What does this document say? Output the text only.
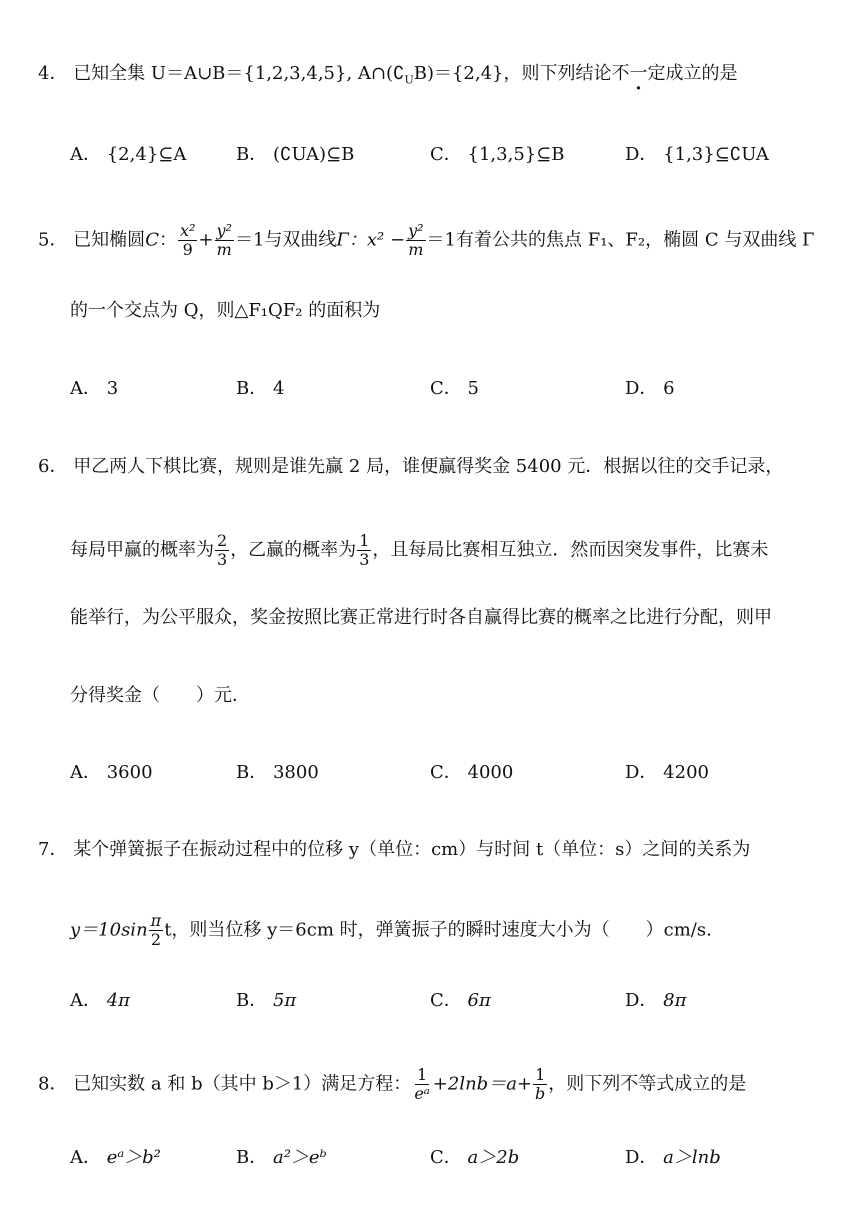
4． 已知全集 U＝A∪B＝{1,2,3,4,5}, $A\cap(∁_UB)=\{2,4\}$，则下列结论不一定成立的是
A． {2,4}⊆A	B． (∁UA)⊆B	C． {1,3,5}⊆B	D． {1,3}⊆∁UA
5． 已知椭圆C： $\frac{\text{x²}}{9} + \frac{\text{y²}}{m} =1$与双曲线Γ：$x^2 - \frac{\text{y²}}{m} =1$有着公共的焦点 F₁、F₂，椭圆 C 与双曲线 Γ
的一个交点为 Q，则△F₁QF₂ 的面积为
A． 3	B． 4	C． 5	D． 6
6． 甲乙两人下棋比赛，规则是谁先赢 2 局，谁便赢得奖金 5400 元．根据以往的交手记录，
每局甲赢的概率为 $\frac{2}{3}$ ，乙赢的概率为 $\frac{1}{3}$ ，且每局比赛相互独立．然而因突发事件，比赛未
能举行，为公平服众，奖金按照比赛正常进行时各自赢得比赛的概率之比进行分配，则甲
分得奖金（　　）元．
A． 3600	B． 3800	C． 4000	D． 4200
7． 某个弹簧振子在振动过程中的位移 y（单位：cm）与时间 t（单位：s）之间的关系为
$y=10\sin \frac{\pi}{2}$ t，则当位移 y＝6cm 时，弹簧振子的瞬时速度大小为（　　）cm/s.
A． 4π	B． 5π	C． 6π	D． 8π
8． 已知实数 a 和 b（其中 b＞1）满足方程： $\frac{1}{\text{eᵃ}} +2\ln b=a+ \frac{1}{b}$ ，则下列不等式成立的是
A． eᵃ＞b²	B． a²＞eᵇ	C． a＞2b	D． a＞lnb
